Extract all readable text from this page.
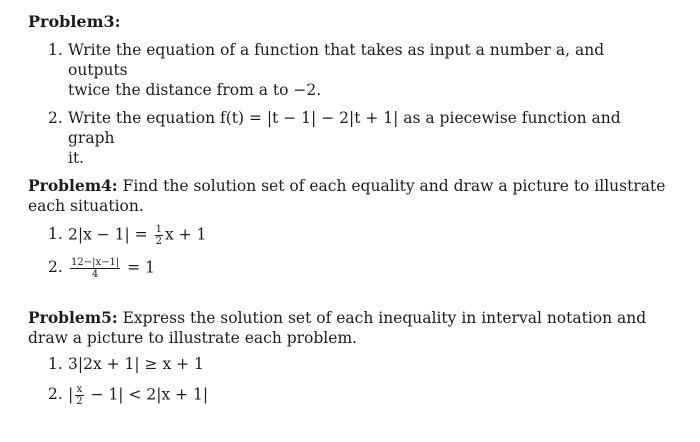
Problem3:
1. Write the equation of a function that takes as input a number a, and outputs
twice the distance from a to −2.
2. Write the equation f(t) = |t − 1| − 2|t + 1| as a piecewise function and graph
it.
Problem4: Find the solution set of each equality and draw a picture to illustrate
each situation.
1. $2|x - 1| = \frac{1}{2}$ x + 1
2. $\frac{12-|x-1|}{4} = 1$
Problem5: Express the solution set of each inequality in interval notation and
draw a picture to illustrate each problem.
1. 3|2x + 1| ≥ x + 1
2. | $\frac{x}{2} - 1| < 2|x + 1|$
